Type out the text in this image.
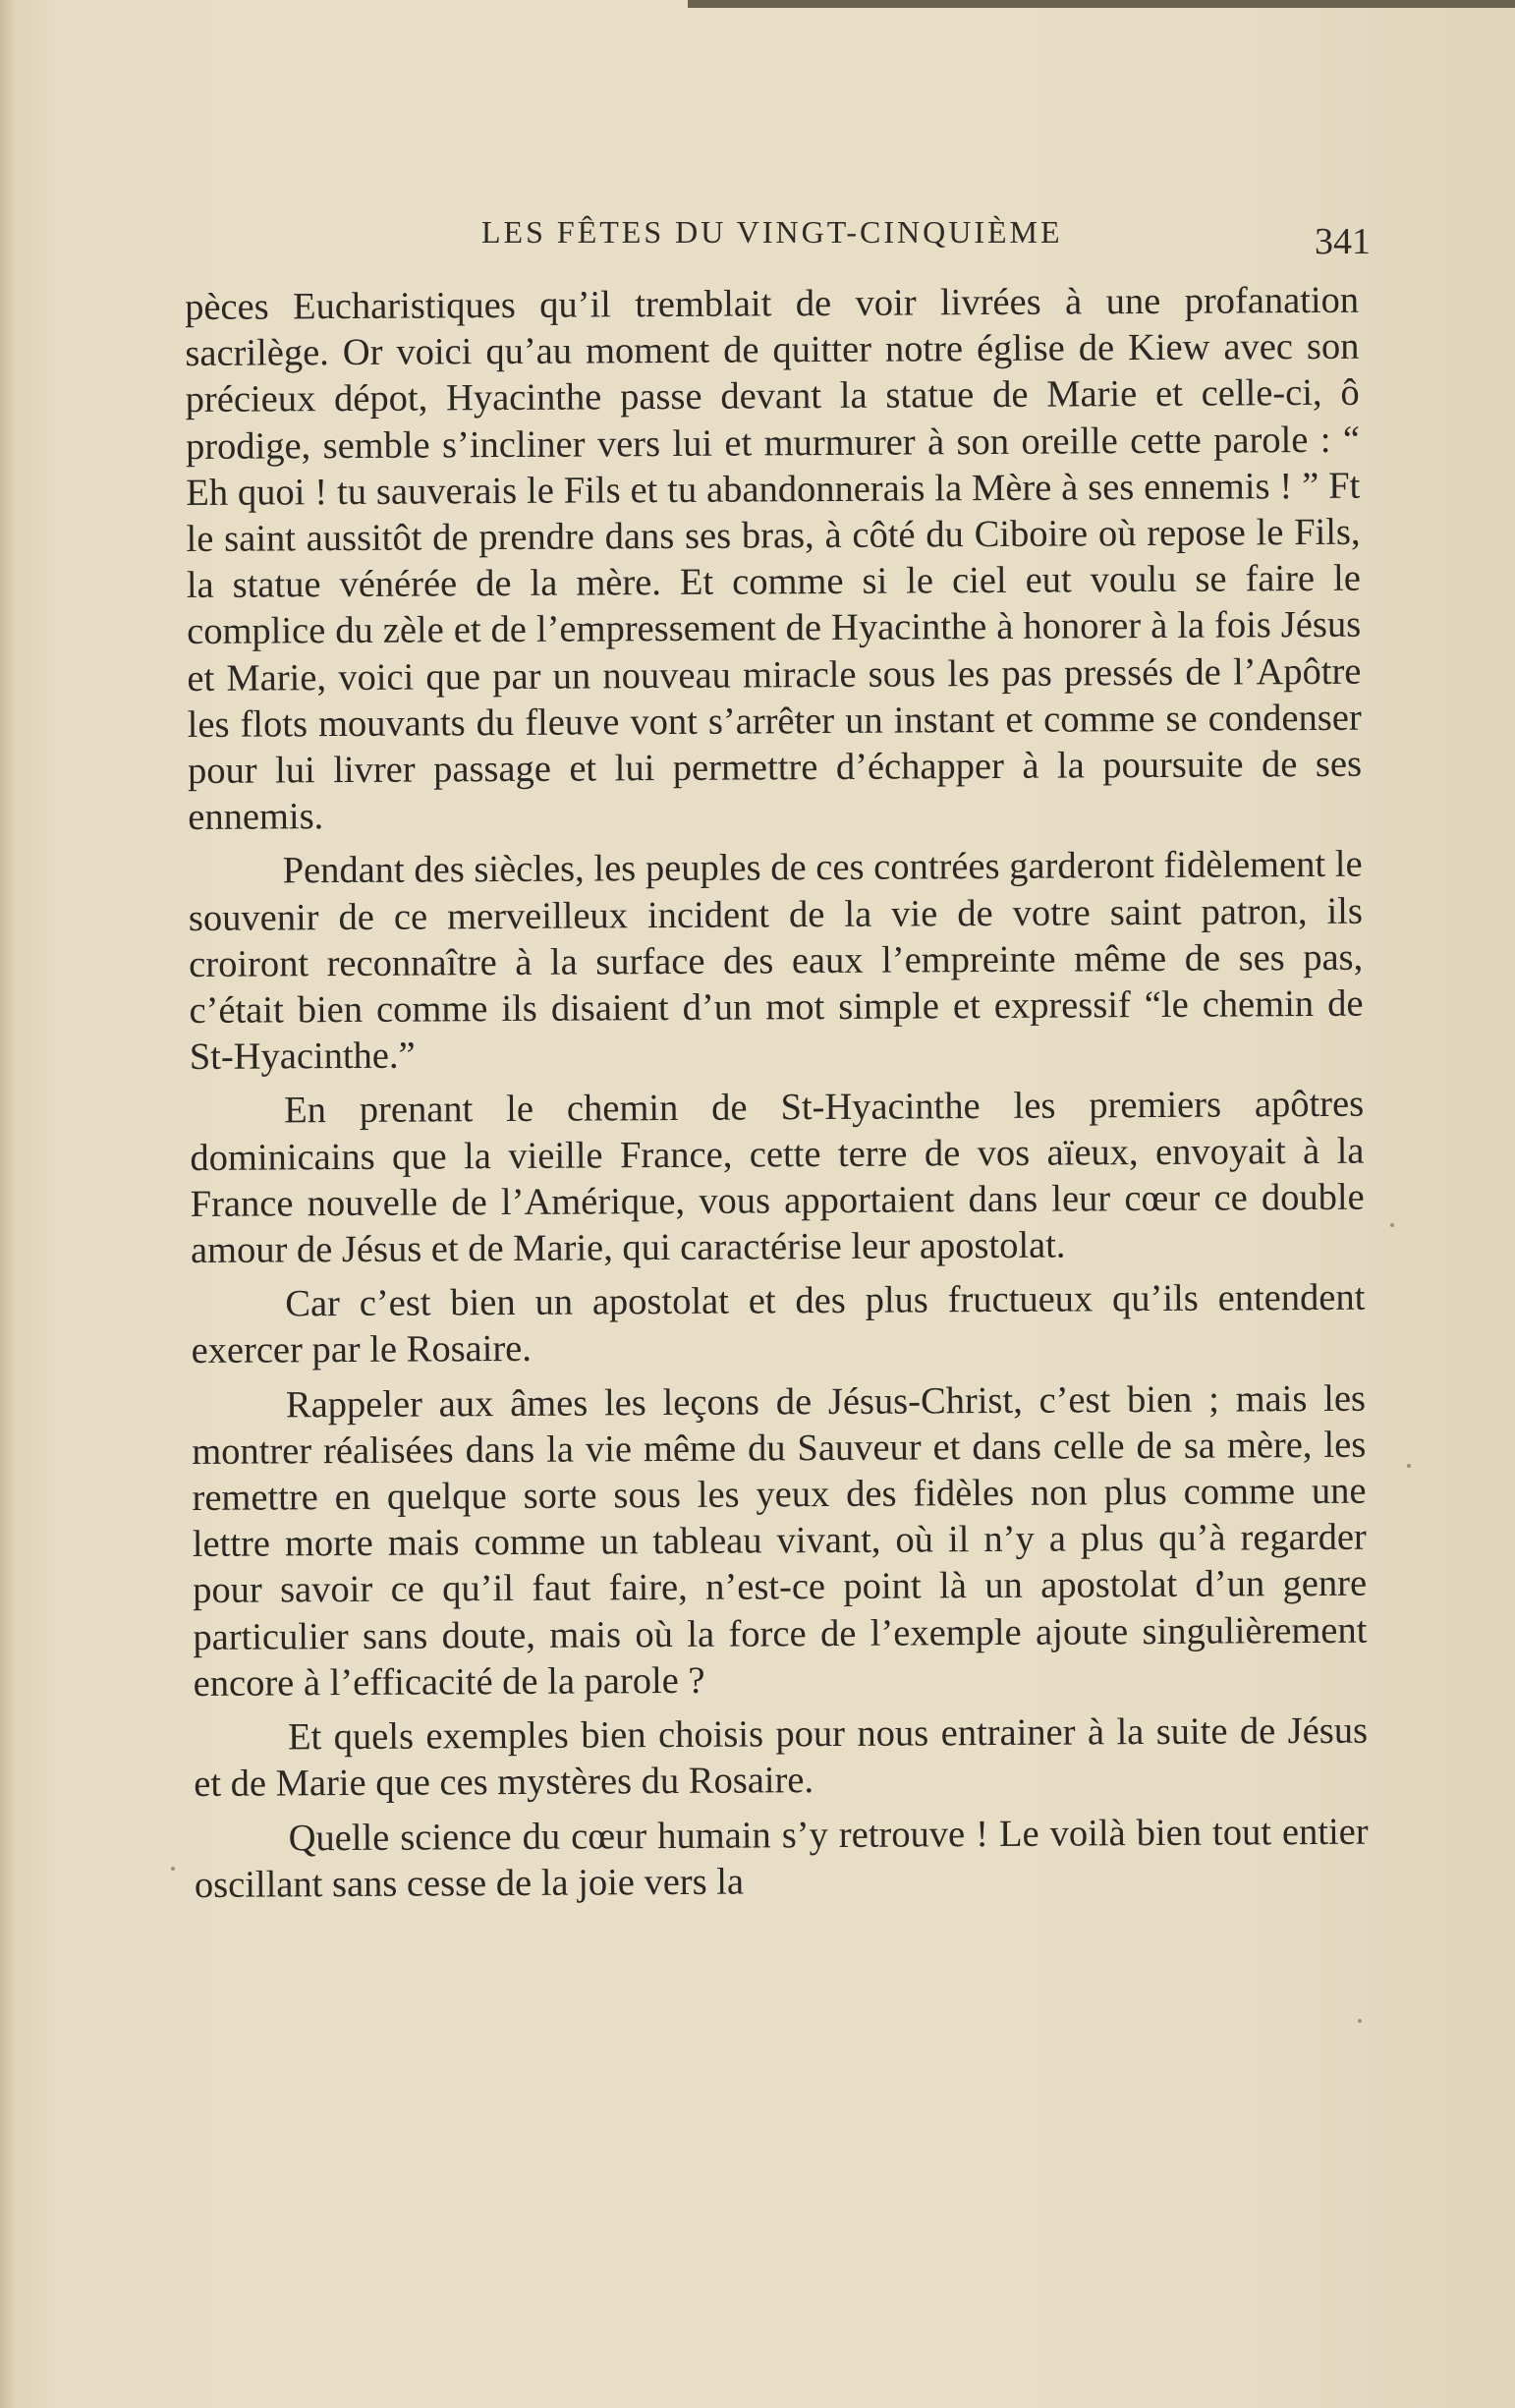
LES FÊTES DU VINGT-CINQUIÈME	341

pèces Eucharistiques qu’il tremblait de voir livrées à une profanation sacrilège. Or voici qu’au moment de quitter notre église de Kiew avec son précieux dépot, Hyacinthe passe devant la statue de Marie et celle-ci, ô prodige, semble s’incliner vers lui et murmurer à son oreille cette parole : “ Eh quoi ! tu sauverais le Fils et tu abandonnerais la Mère à ses ennemis ! ” Ft le saint aussitôt de prendre dans ses bras, à côté du Ciboire où repose le Fils, la statue vénérée de la mère. Et comme si le ciel eut voulu se faire le complice du zèle et de l’empressement de Hyacinthe à honorer à la fois Jésus et Marie, voici que par un nouveau miracle sous les pas pressés de l’Apôtre les flots mouvants du fleuve vont s’arrêter un instant et comme se condenser pour lui livrer passage et lui permettre d’échapper à la poursuite de ses ennemis.

Pendant des siècles, les peuples de ces contrées garderont fidèlement le souvenir de ce merveilleux incident de la vie de votre saint patron, ils croiront reconnaître à la surface des eaux l’empreinte même de ses pas, c’était bien comme ils disaient d’un mot simple et expressif “le chemin de St-Hyacinthe.”

En prenant le chemin de St-Hyacinthe les premiers apôtres dominicains que la vieille France, cette terre de vos aïeux, envoyait à la France nouvelle de l’Amérique, vous apportaient dans leur cœur ce double amour de Jésus et de Marie, qui caractérise leur apostolat.

Car c’est bien un apostolat et des plus fructueux qu’ils entendent exercer par le Rosaire.

Rappeler aux âmes les leçons de Jésus-Christ, c’est bien ; mais les montrer réalisées dans la vie même du Sauveur et dans celle de sa mère, les remettre en quelque sorte sous les yeux des fidèles non plus comme une lettre morte mais comme un tableau vivant, où il n’y a plus qu’à regarder pour savoir ce qu’il faut faire, n’est-ce point là un apostolat d’un genre particulier sans doute, mais où la force de l’exemple ajoute singulièrement encore à l’efficacité de la parole ?

Et quels exemples bien choisis pour nous entrainer à la suite de Jésus et de Marie que ces mystères du Rosaire.

Quelle science du cœur humain s’y retrouve ! Le voilà bien tout entier oscillant sans cesse de la joie vers la
